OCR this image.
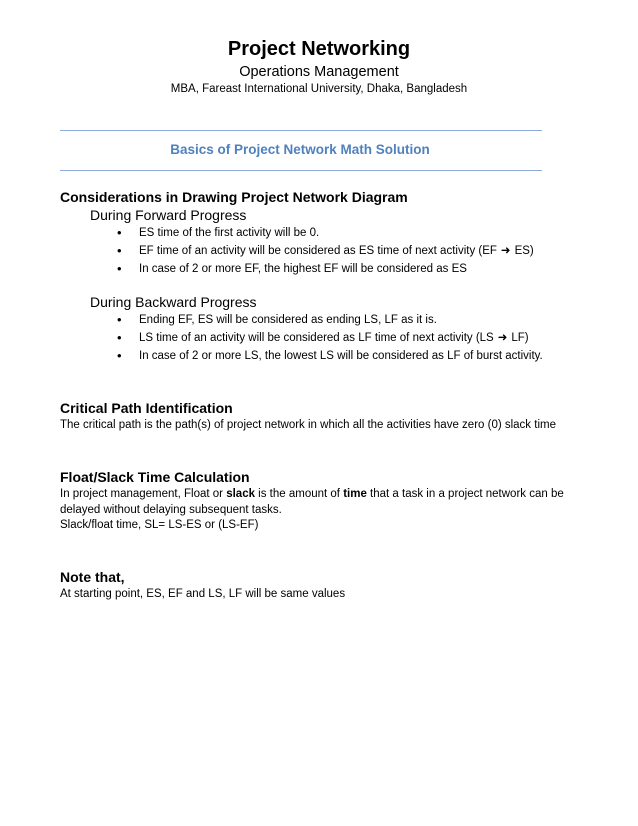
Project Networking
Operations Management
MBA, Fareast International University, Dhaka, Bangladesh
Basics of Project Network Math Solution
Considerations in Drawing Project Network Diagram
During Forward Progress
• ES time of the first activity will be 0.
• EF time of an activity will be considered as ES time of next activity (EF ➜ ES)
• In case of 2 or more EF, the highest EF will be considered as ES
During Backward Progress
• Ending EF, ES will be considered as ending LS, LF as it is.
• LS time of an activity will be considered as LF time of next activity (LS ➜ LF)
• In case of 2 or more LS, the lowest LS will be considered as LF of burst activity.
Critical Path Identification
The critical path is the path(s) of project network in which all the activities have zero (0) slack time
Float/Slack Time Calculation
In project management, Float or slack is the amount of time that a task in a project network can be delayed without delaying subsequent tasks.
Slack/float time, SL= LS-ES or (LS-EF)
Note that,
At starting point, ES, EF and LS, LF will be same values
